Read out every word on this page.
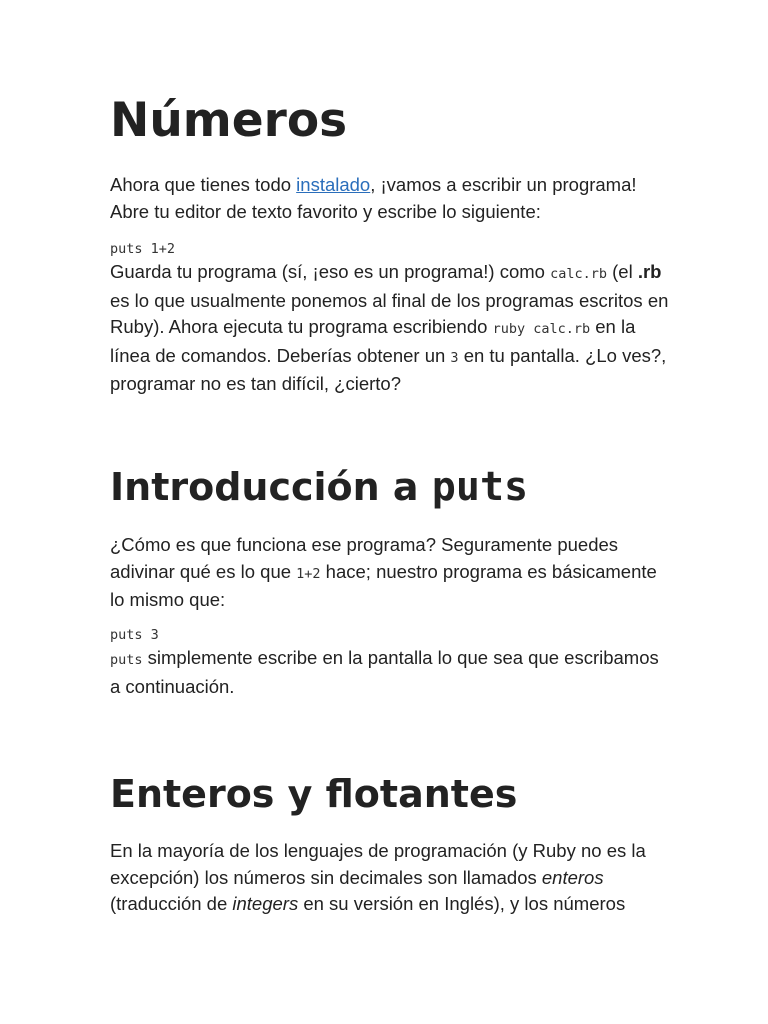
Números

Ahora que tienes todo instalado, ¡vamos a escribir un programa! Abre tu editor de texto favorito y escribe lo siguiente:

puts 1+2

Guarda tu programa (sí, ¡eso es un programa!) como calc.rb (el .rb es lo que usualmente ponemos al final de los programas escritos en Ruby). Ahora ejecuta tu programa escribiendo ruby calc.rb en la línea de comandos. Deberías obtener un 3 en tu pantalla. ¿Lo ves?, programar no es tan difícil, ¿cierto?

Introducción a puts

¿Cómo es que funciona ese programa? Seguramente puedes adivinar qué es lo que 1+2 hace; nuestro programa es básicamente lo mismo que:

puts 3

puts simplemente escribe en la pantalla lo que sea que escribamos a continuación.

Enteros y flotantes

En la mayoría de los lenguajes de programación (y Ruby no es la excepción) los números sin decimales son llamados enteros (traducción de integers en su versión en Inglés), y los números
